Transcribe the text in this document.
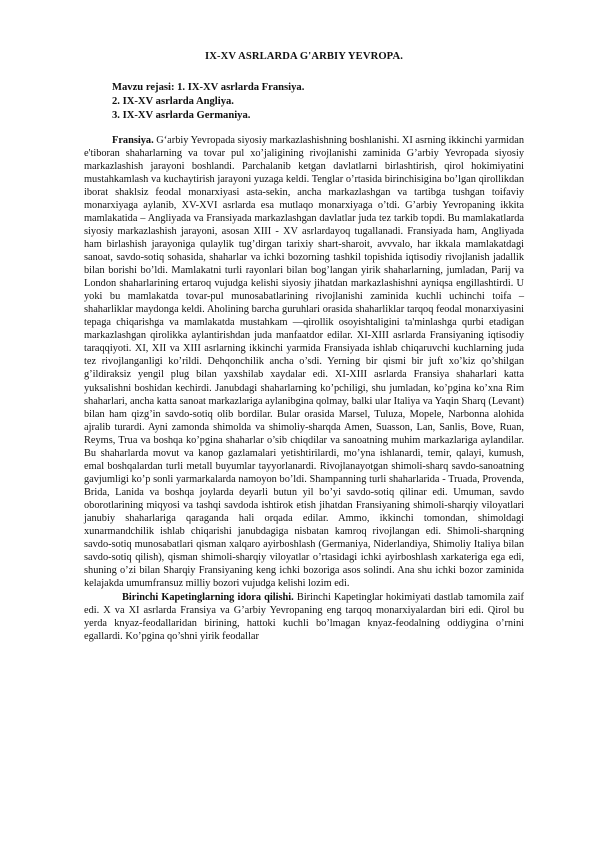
IX-XV ASRLARDA G'ARBIY YEVROPA.
Mavzu rejasi: 1. IX-XV asrlarda Fransiya.
2. IX-XV asrlarda Angliya.
3. IX-XV asrlarda Germaniya.

Fransiya. G‘arbiy Yevropada siyosiy markazlashishning boshlanishi. XI asrning ikkinchi yarmidan e'tiboran shaharlarning va tovar pul xo’jaligining rivojlanishi zaminida G’arbiy Yevropada siyosiy markazlashish jarayoni boshlandi. Parchalanib ketgan davlatlarni birlashtirish, qirol hokimiyatini mustahkamlash va kuchaytirish jarayoni yuzaga keldi. Tenglar o’rtasida birinchisigina bo’lgan qirollikdan iborat shaklsiz feodal monarxiyasi asta-sekin, ancha markazlashgan va tartibga tushgan toifaviy monarxiyaga aylanib, XV-XVI asrlarda esa mutlaqo monarxiyaga o’tdi. G’arbiy Yevropaning ikkita mamlakatida – Angliyada va Fransiyada markazlashgan davlatlar juda tez tarkib topdi. Bu mamlakatlarda siyosiy markazlashish jarayoni, asosan XIII - XV asrlardayoq tugallanadi. Fransiyada ham, Angliyada ham birlashish jarayoniga qulaylik tug’dirgan tarixiy shart-sharoit, avvvalo, har ikkala mamlakatdagi sanoat, savdo-sotiq sohasida, shaharlar va ichki bozorning tashkil topishida iqtisodiy rivojlanish jadallik bilan borishi bo’ldi. Mamlakatni turli rayonlari bilan bog’langan yirik shaharlarning, jumladan, Parij va London shaharlarining ertaroq vujudga kelishi siyosiy jihatdan markazlashishni ayniqsa engillashtirdi. U yoki bu mamlakatda tovar-pul munosabatlarining rivojlanishi zaminida kuchli uchinchi toifa – shaharliklar maydonga keldi. Aholining barcha guruhlari orasida shaharliklar tarqoq feodal monarxiyasini tepaga chiqarishga va mamlakatda mustahkam ―qirollik osoyishtaligini ta'minlashga qurbi etadigan markazlashgan qirolikka aylantirishdan juda manfaatdor edilar. XI-XIII asrlarda Fransiyaning iqtisodiy taraqqiyoti. XI, XII va XIII asrlarning ikkinchi yarmida Fransiyada ishlab chiqaruvchi kuchlarning juda tez rivojlanganligi ko’rildi. Dehqonchilik ancha o’sdi. Yerning bir qismi bir juft xo’kiz qo’shilgan g’ildiraksiz yengil plug bilan yaxshilab xaydalar edi. XI-XIII asrlarda Fransiya shaharlari katta yuksalishni boshidan kechirdi. Janubdagi shaharlarning ko’pchiligi, shu jumladan, ko’pgina ko’xna Rim shaharlari, ancha katta sanoat markazlariga aylanibgina qolmay, balki ular Italiya va Yaqin Sharq (Levant) bilan ham qizg’in savdo-sotiq olib bordilar. Bular orasida Marsel, Tuluza, Mopele, Narbonna alohida ajralib turardi. Ayni zamonda shimolda va shimoliy-sharqda Amen, Suasson, Lan, Sanlis, Bove, Ruan, Reyms, Trua va boshqa ko’pgina shaharlar o’sib chiqdilar va sanoatning muhim markazlariga aylandilar. Bu shaharlarda movut va kanop gazlamalari yetishtirilardi, mo’yna ishlanardi, temir, qalayi, kumush, emal boshqalardan turli metall buyumlar tayyorlanardi. Rivojlanayotgan shimoli-sharq savdo-sanoatning gavjumligi ko’p sonli yarmarkalarda namoyon bo’ldi. Shampanning turli shaharlarida - Truada, Provenda, Brida, Lanida va boshqa joylarda deyarli butun yil bo’yi savdo-sotiq qilinar edi. Umuman, savdo oborotlarining miqyosi va tashqi savdoda ishtirok etish jihatdan Fransiyaning shimoli-sharqiy viloyatlari janubiy shaharlariga qaraganda hali orqada edilar. Ammo, ikkinchi tomondan, shimoldagi xunarmandchilik ishlab chiqarishi janubdagiga nisbatan kamroq rivojlangan edi. Shimoli-sharqning savdo-sotiq munosabatlari qisman xalqaro ayirboshlash (Germaniya, Niderlandiya, Shimoliy Italiya bilan savdo-sotiq qilish), qisman shimoli-sharqiy viloyatlar o’rtasidagi ichki ayirboshlash xarkateriga ega edi, shuning o’zi bilan Sharqiy Fransiyaning keng ichki bozoriga asos solindi. Ana shu ichki bozor zaminida kelajakda umumfransuz milliy bozori vujudga kelishi lozim edi.

Birinchi Kapetinglarning idora qilishi. Birinchi Kapetinglar hokimiyati dastlab tamomila zaif edi. X va XI asrlarda Fransiya va G’arbiy Yevropaning eng tarqoq monarxiyalardan biri edi. Qirol bu yerda knyaz-feodallaridan birining, hattoki kuchli bo’lmagan knyaz-feodalning oddiygina o’rnini egallardi. Ko’pgina qo’shni yirik feodallar
